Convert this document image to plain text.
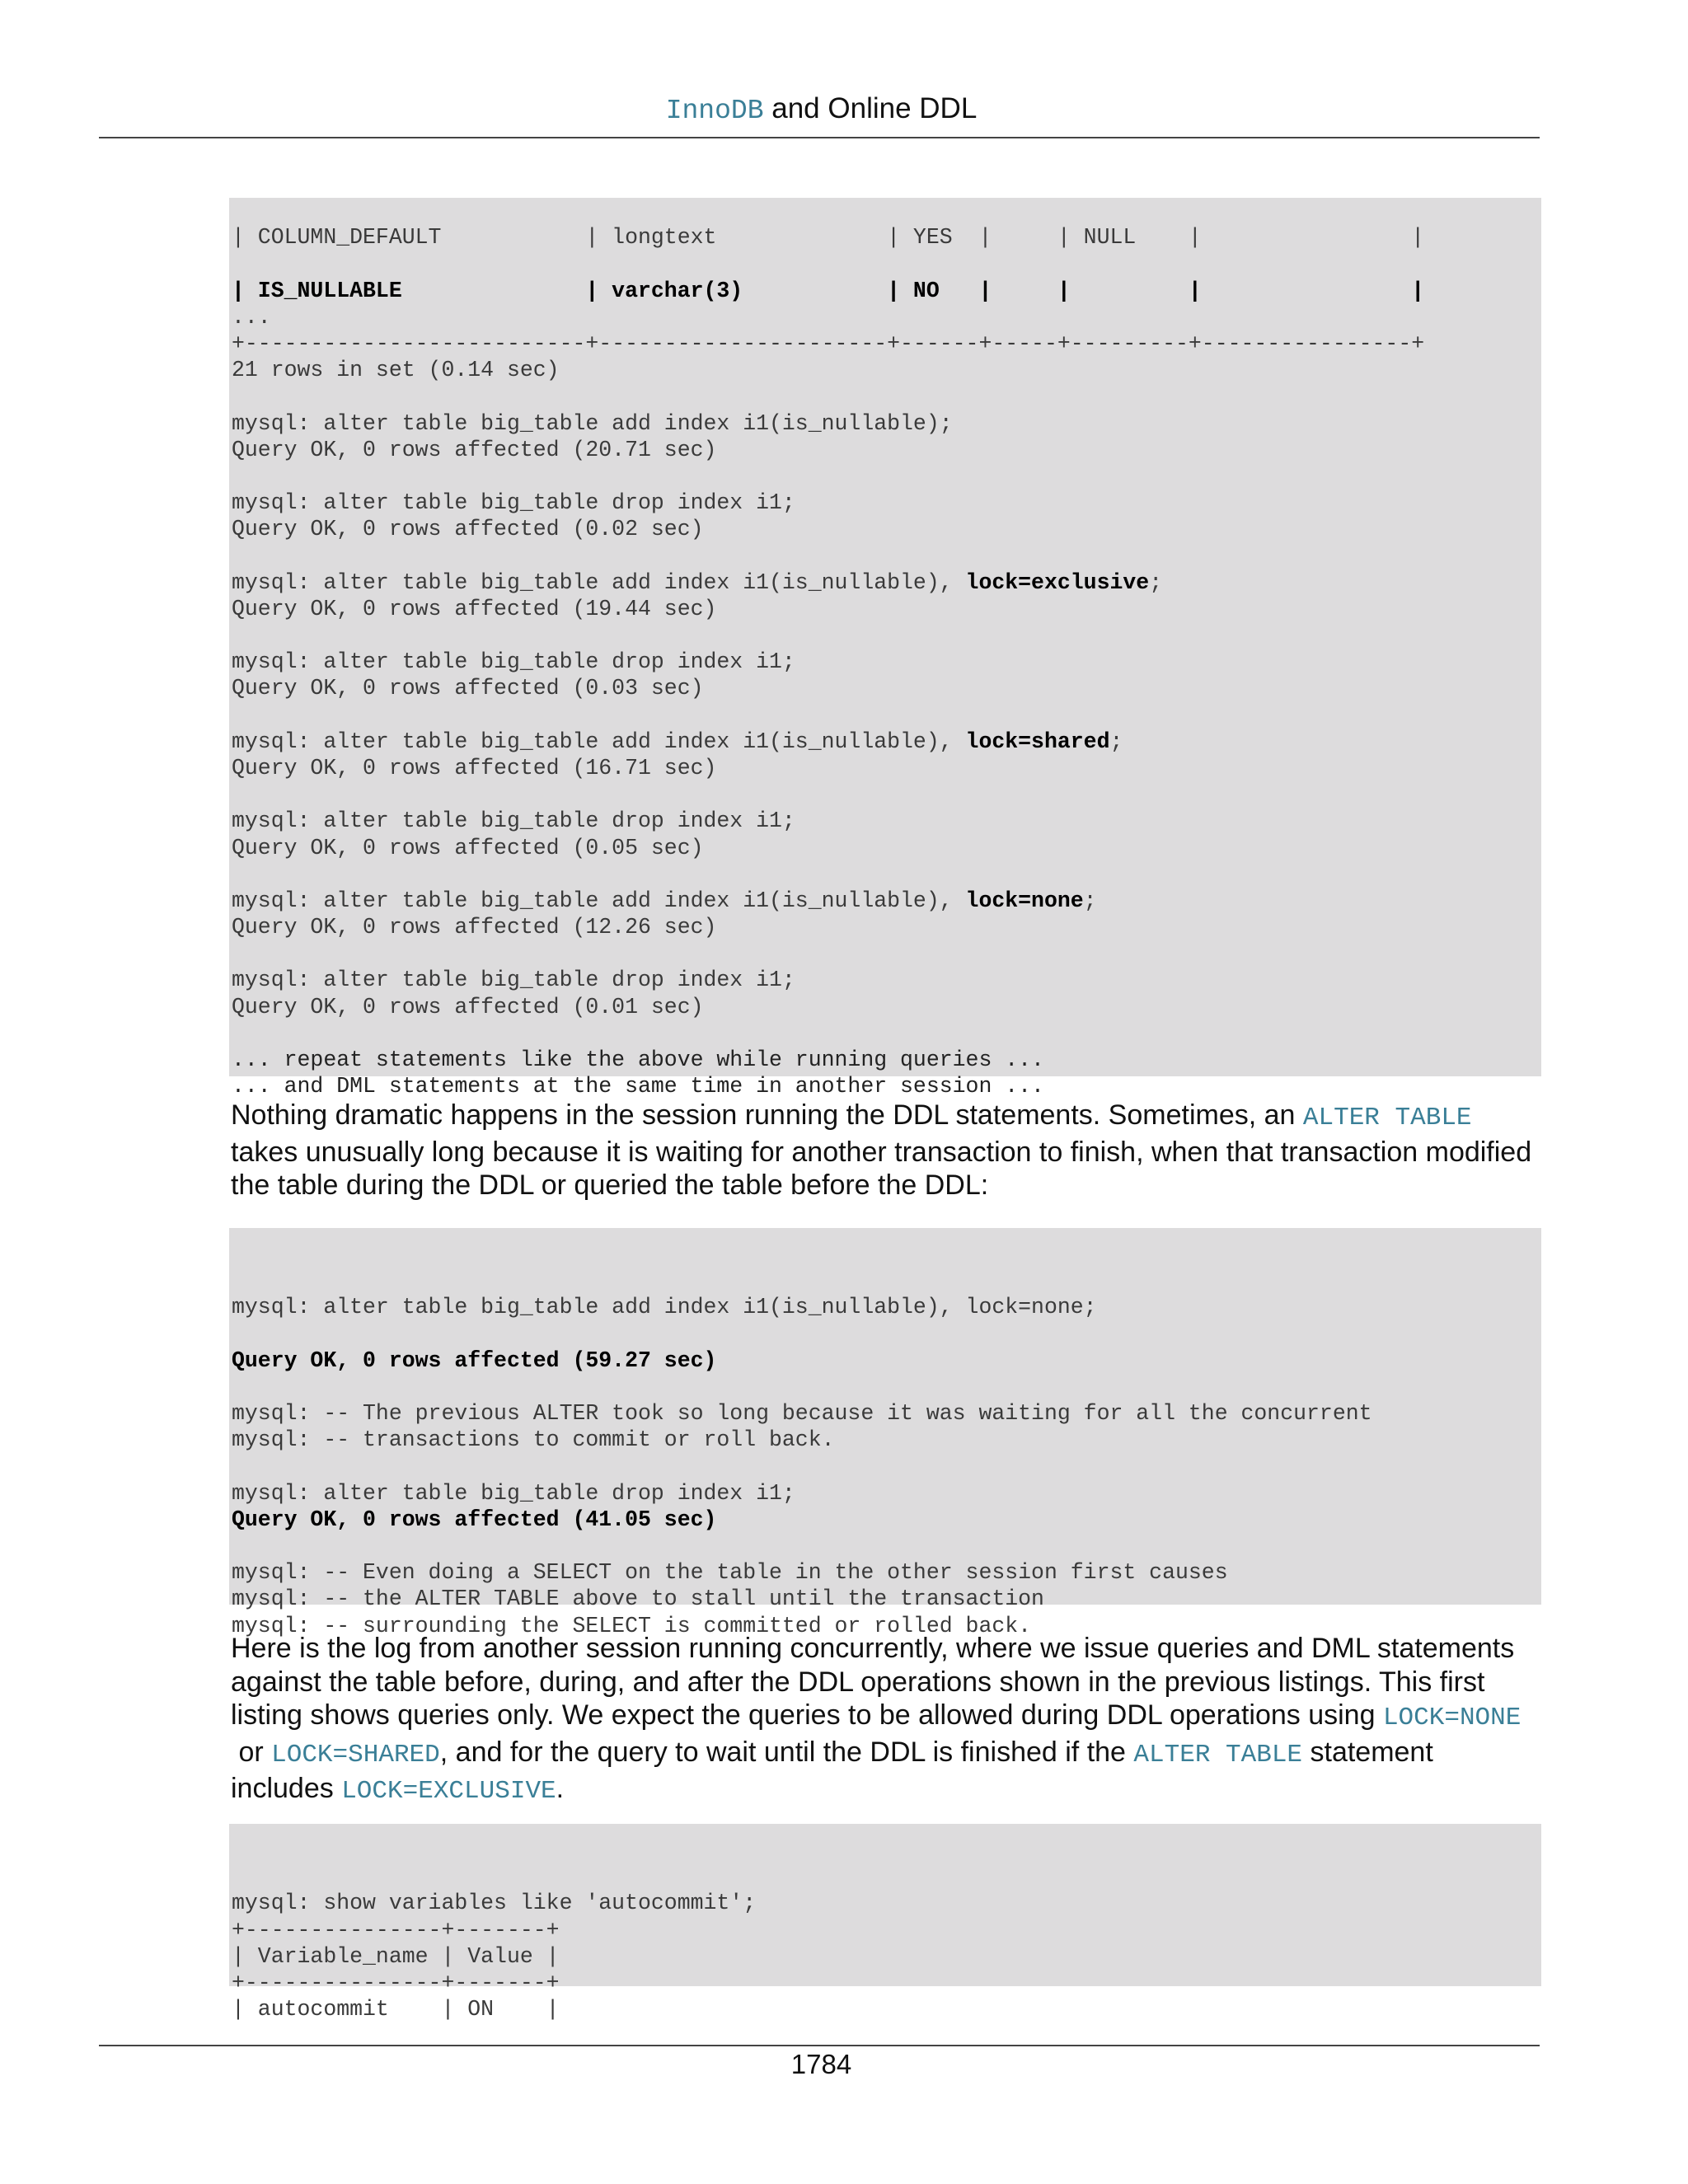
InnoDB and Online DDL

| COLUMN_DEFAULT           | longtext             | YES  |     | NULL    |                |
| IS_NULLABLE              | varchar(3)           | NO   |     |         |                |
...
+--------------------------+----------------------+------+-----+---------+----------------+
21 rows in set (0.14 sec)
mysql: alter table big_table add index i1(is_nullable);
Query OK, 0 rows affected (20.71 sec)
mysql: alter table big_table drop index i1;
Query OK, 0 rows affected (0.02 sec)
mysql: alter table big_table add index i1(is_nullable), lock=exclusive;
Query OK, 0 rows affected (19.44 sec)
mysql: alter table big_table drop index i1;
Query OK, 0 rows affected (0.03 sec)
mysql: alter table big_table add index i1(is_nullable), lock=shared;
Query OK, 0 rows affected (16.71 sec)
mysql: alter table big_table drop index i1;
Query OK, 0 rows affected (0.05 sec)
mysql: alter table big_table add index i1(is_nullable), lock=none;
Query OK, 0 rows affected (12.26 sec)
mysql: alter table big_table drop index i1;
Query OK, 0 rows affected (0.01 sec)
... repeat statements like the above while running queries ...
... and DML statements at the same time in another session ...

Nothing dramatic happens in the session running the DDL statements. Sometimes, an ALTER TABLE takes unusually long because it is waiting for another transaction to finish, when that transaction modified the table during the DDL or queried the table before the DDL:

mysql: alter table big_table add index i1(is_nullable), lock=none;
Query OK, 0 rows affected (59.27 sec)
mysql: -- The previous ALTER took so long because it was waiting for all the concurrent
mysql: -- transactions to commit or roll back.
mysql: alter table big_table drop index i1;
Query OK, 0 rows affected (41.05 sec)
mysql: -- Even doing a SELECT on the table in the other session first causes
mysql: -- the ALTER TABLE above to stall until the transaction
mysql: -- surrounding the SELECT is committed or rolled back.

Here is the log from another session running concurrently, where we issue queries and DML statements against the table before, during, and after the DDL operations shown in the previous listings. This first listing shows queries only. We expect the queries to be allowed during DDL operations using LOCK=NONE or LOCK=SHARED, and for the query to wait until the DDL is finished if the ALTER TABLE statement includes LOCK=EXCLUSIVE.

mysql: show variables like 'autocommit';
+---------------+-------+
| Variable_name | Value |
+---------------+-------+
| autocommit    | ON    |

1784
